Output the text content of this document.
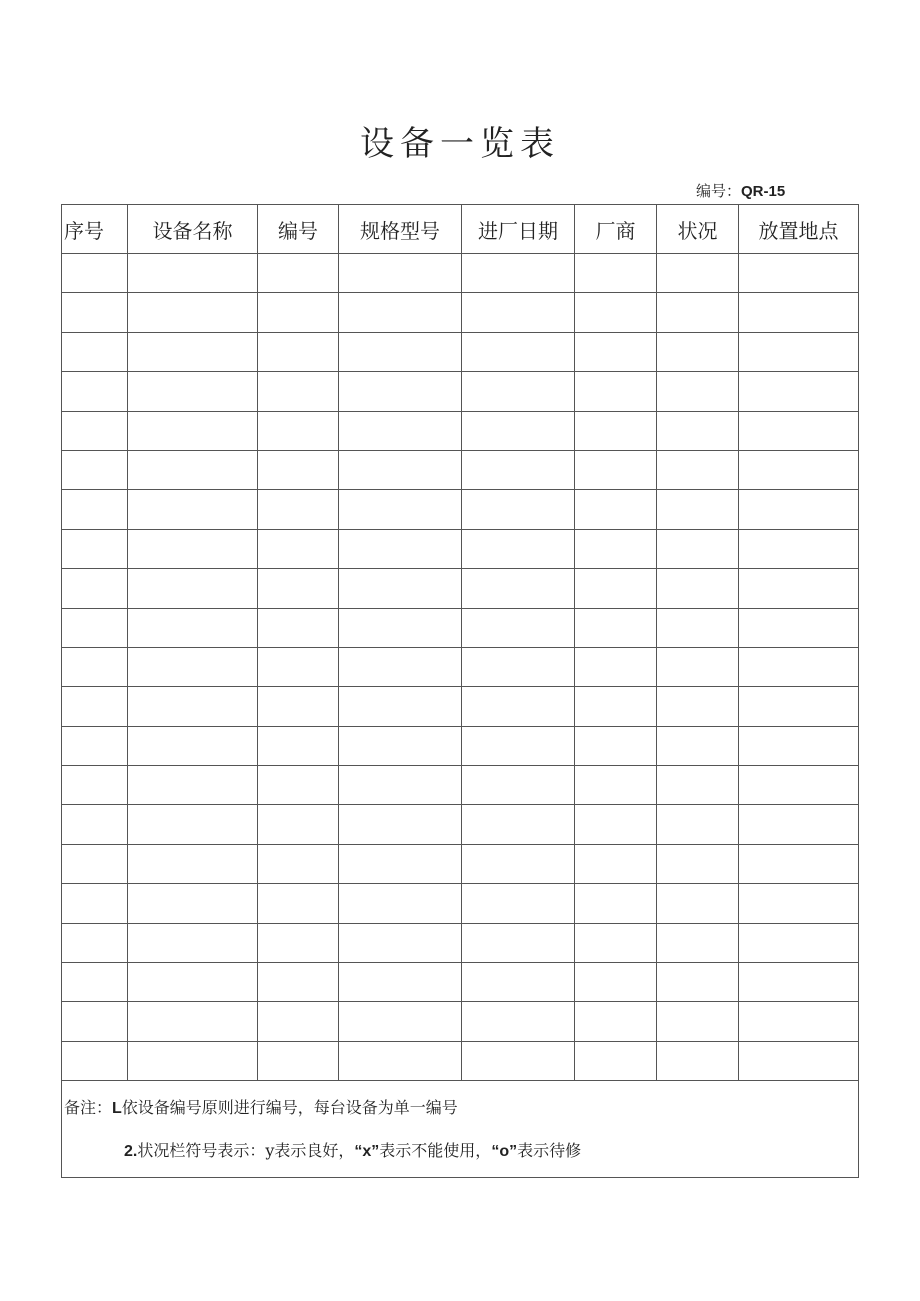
设备一览表
编号：QR-15
序号	设备名称	编号	规格型号	进厂日期	厂商	状况	放置地点

备注：L依设备编号原则进行编号，每台设备为单一编号
2.状况栏符号表示：y表示良好，“x”表示不能使用，“o”表示待修							
